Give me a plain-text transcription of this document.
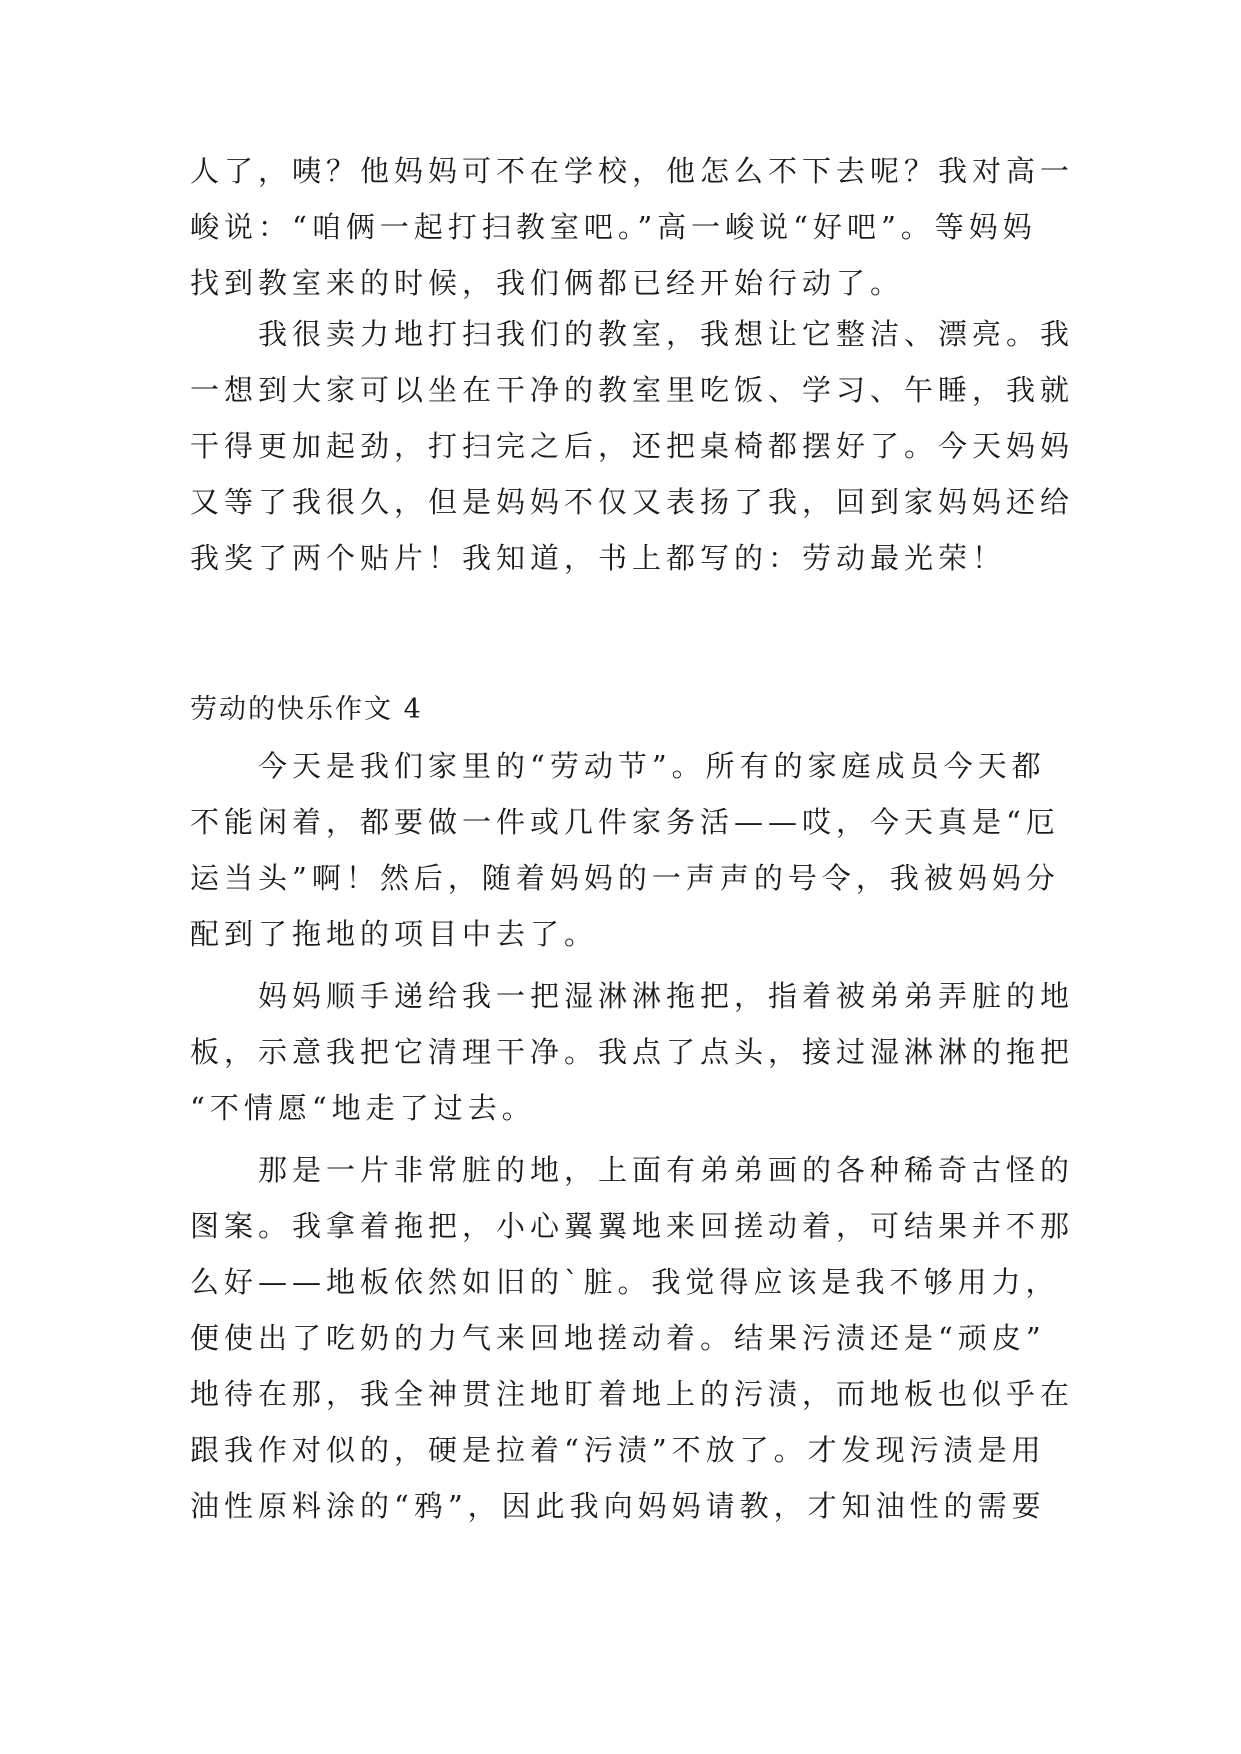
人了，咦？他妈妈可不在学校，他怎么不下去呢？我对高一
峻说：“咱俩一起打扫教室吧。”高一峻说“好吧”。等妈妈
找到教室来的时候，我们俩都已经开始行动了。
我很卖力地打扫我们的教室，我想让它整洁、漂亮。我
一想到大家可以坐在干净的教室里吃饭、学习、午睡，我就
干得更加起劲，打扫完之后，还把桌椅都摆好了。今天妈妈
又等了我很久，但是妈妈不仅又表扬了我，回到家妈妈还给
我奖了两个贴片！我知道，书上都写的：劳动最光荣！
劳动的快乐作文 4
今天是我们家里的“劳动节”。所有的家庭成员今天都
不能闲着，都要做一件或几件家务活——哎，今天真是“厄
运当头”啊！然后，随着妈妈的一声声的号令，我被妈妈分
配到了拖地的项目中去了。
妈妈顺手递给我一把湿淋淋拖把，指着被弟弟弄脏的地
板，示意我把它清理干净。我点了点头，接过湿淋淋的拖把
“不情愿“地走了过去。
那是一片非常脏的地，上面有弟弟画的各种稀奇古怪的
图案。我拿着拖把，小心翼翼地来回搓动着，可结果并不那
么好——地板依然如旧的`脏。我觉得应该是我不够用力，
便使出了吃奶的力气来回地搓动着。结果污渍还是“顽皮”
地待在那，我全神贯注地盯着地上的污渍，而地板也似乎在
跟我作对似的，硬是拉着“污渍”不放了。才发现污渍是用
油性原料涂的“鸦”，因此我向妈妈请教，才知油性的需要
